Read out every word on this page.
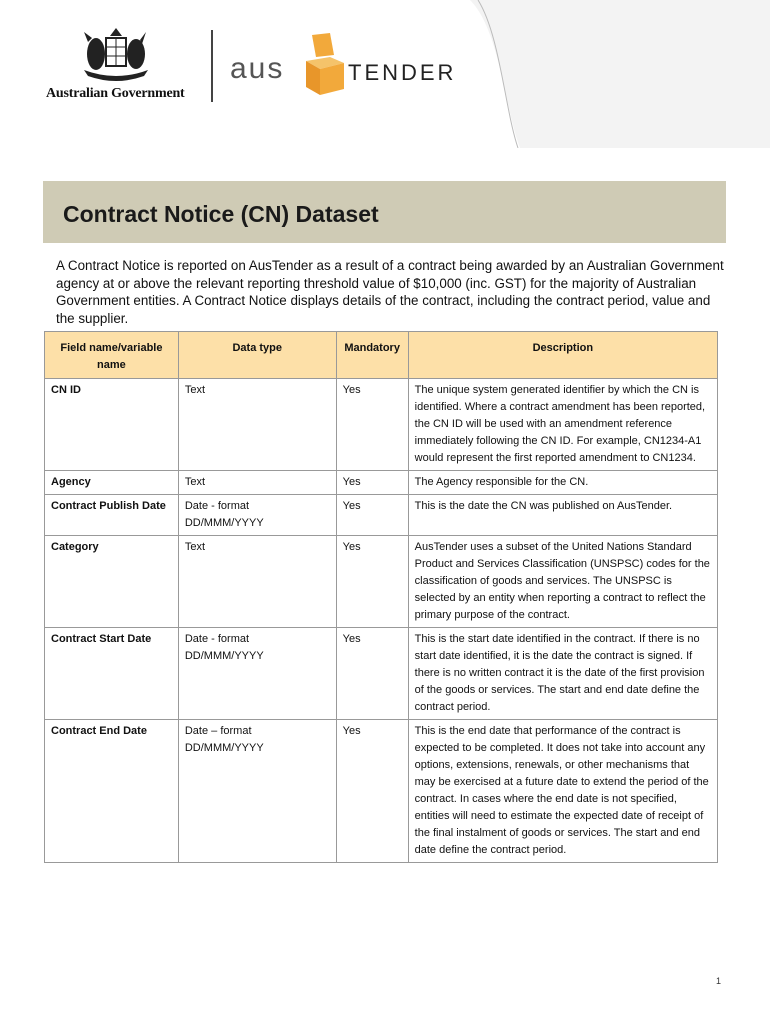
Australian Government
aus	TENDER
Contract Notice (CN) Dataset
A Contract Notice is reported on AusTender as a result of a contract being awarded by an Australian Government agency at or above the relevant reporting threshold value of $10,000 (inc. GST) for the majority of Australian Government entities. A Contract Notice displays details of the contract, including the contract period, value and the supplier.
Field name/variable name	Data type	Mandatory	Description
CN ID	Text	Yes	The unique system generated identifier by which the CN is identified. Where a contract amendment has been reported, the CN ID will be used with an amendment reference immediately following the CN ID. For example, CN1234-A1 would represent the first reported amendment to CN1234.
Agency	Text	Yes	The Agency responsible for the CN.
Contract Publish Date	Date - format DD/MMM/YYYY	Yes	This is the date the CN was published on AusTender.
Category	Text	Yes	AusTender uses a subset of the United Nations Standard Product and Services Classification (UNSPSC) codes for the classification of goods and services. The UNSPSC is selected by an entity when reporting a contract to reflect the primary purpose of the contract.
Contract Start Date	Date - format DD/MMM/YYYY	Yes	This is the start date identified in the contract. If there is no start date identified, it is the date the contract is signed. If there is no written contract it is the date of the first provision of the goods or services. The start and end date define the contract period.
Contract End Date	Date – format DD/MMM/YYYY	Yes	This is the end date that performance of the contract is expected to be completed. It does not take into account any options, extensions, renewals, or other mechanisms that may be exercised at a future date to extend the period of the contract. In cases where the end date is not specified, entities will need to estimate the expected date of receipt of the final instalment of goods or services. The start and end date define the contract period.
1
